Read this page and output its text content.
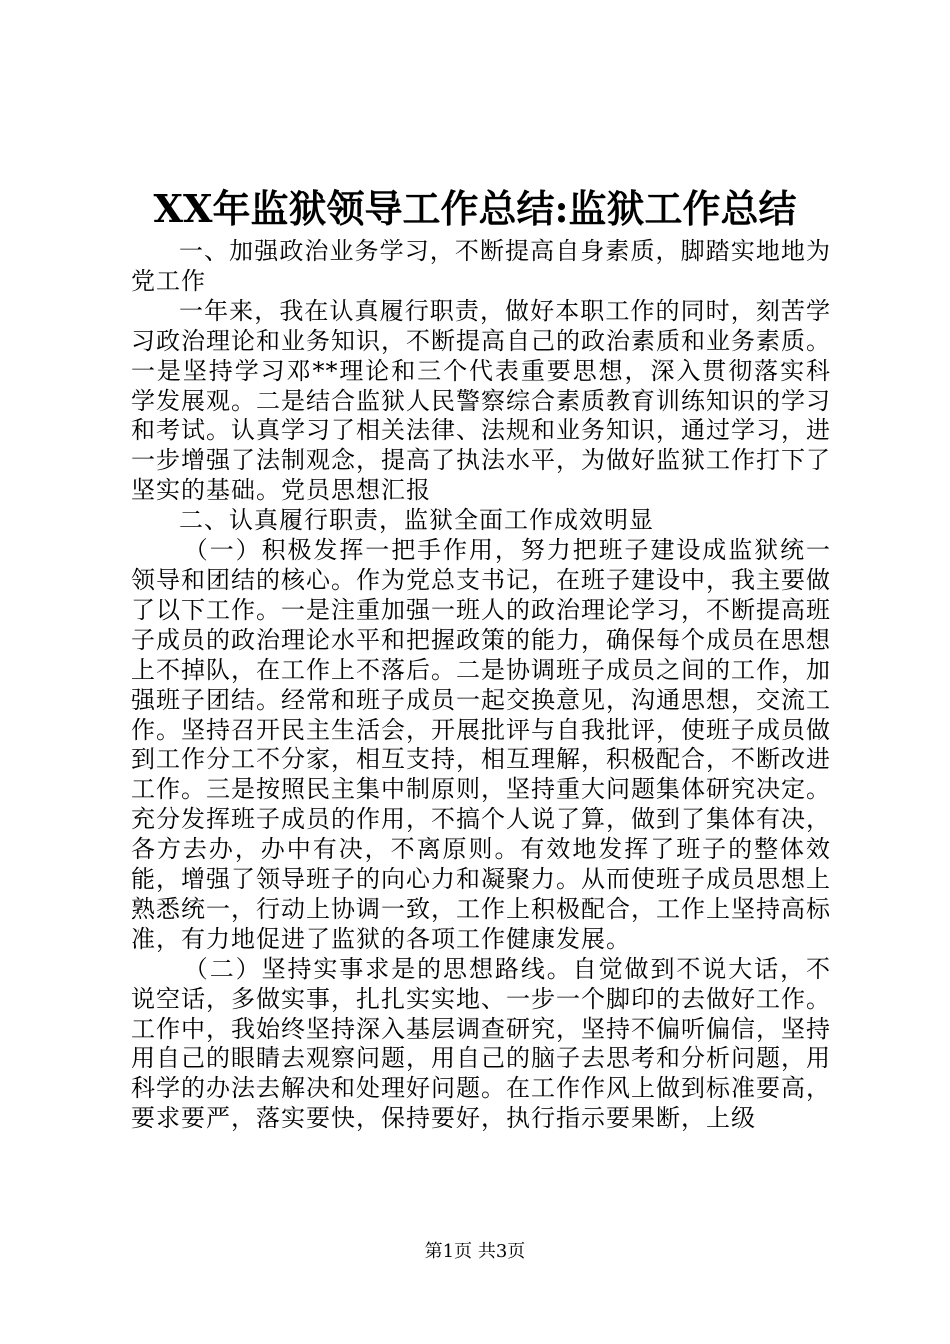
XX年监狱领导工作总结:监狱工作总结

一、加强政治业务学习，不断提高自身素质，脚踏实地地为党工作

一年来，我在认真履行职责，做好本职工作的同时，刻苦学习政治理论和业务知识，不断提高自己的政治素质和业务素质。一是坚持学习邓**理论和三个代表重要思想，深入贯彻落实科学发展观。二是结合监狱人民警察综合素质教育训练知识的学习和考试。认真学习了相关法律、法规和业务知识，通过学习，进一步增强了法制观念，提高了执法水平，为做好监狱工作打下了坚实的基础。党员思想汇报

二、认真履行职责，监狱全面工作成效明显

（一）积极发挥一把手作用，努力把班子建设成监狱统一领导和团结的核心。作为党总支书记，在班子建设中，我主要做了以下工作。一是注重加强一班人的政治理论学习，不断提高班子成员的政治理论水平和把握政策的能力，确保每个成员在思想上不掉队，在工作上不落后。二是协调班子成员之间的工作，加强班子团结。经常和班子成员一起交换意见，沟通思想，交流工作。坚持召开民主生活会，开展批评与自我批评，使班子成员做到工作分工不分家，相互支持，相互理解，积极配合，不断改进工作。三是按照民主集中制原则，坚持重大问题集体研究决定。充分发挥班子成员的作用，不搞个人说了算，做到了集体有决，各方去办，办中有决，不离原则。有效地发挥了班子的整体效能，增强了领导班子的向心力和凝聚力。从而使班子成员思想上熟悉统一，行动上协调一致，工作上积极配合，工作上坚持高标准，有力地促进了监狱的各项工作健康发展。

（二）坚持实事求是的思想路线。自觉做到不说大话，不说空话，多做实事，扎扎实实地、一步一个脚印的去做好工作。工作中，我始终坚持深入基层调查研究，坚持不偏听偏信，坚持用自己的眼睛去观察问题，用自己的脑子去思考和分析问题，用科学的办法去解决和处理好问题。在工作作风上做到标准要高，要求要严，落实要快，保持要好，执行指示要果断，上级

第1页 共3页
